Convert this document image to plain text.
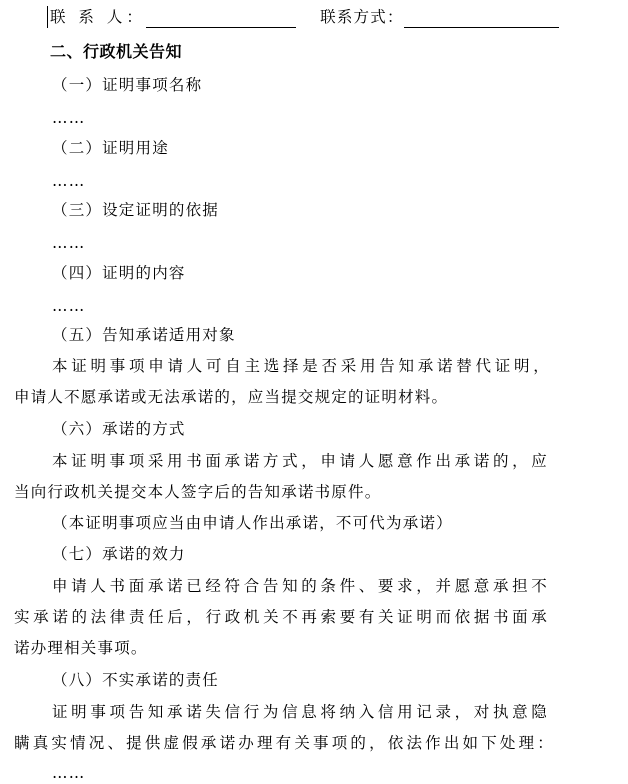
联 系 人：	联系方式：
二、行政机关告知
（一）证明事项名称
……
（二）证明用途
……
（三）设定证明的依据
……
（四）证明的内容
……
（五）告知承诺适用对象
本证明事项申请人可自主选择是否采用告知承诺替代证明，
申请人不愿承诺或无法承诺的，应当提交规定的证明材料。
（六）承诺的方式
本证明事项采用书面承诺方式，申请人愿意作出承诺的，应
当向行政机关提交本人签字后的告知承诺书原件。
（本证明事项应当由申请人作出承诺，不可代为承诺）
（七）承诺的效力
申请人书面承诺已经符合告知的条件、要求，并愿意承担不
实承诺的法律责任后，行政机关不再索要有关证明而依据书面承
诺办理相关事项。
（八）不实承诺的责任
证明事项告知承诺失信行为信息将纳入信用记录，对执意隐
瞒真实情况、提供虚假承诺办理有关事项的，依法作出如下处理：
……
